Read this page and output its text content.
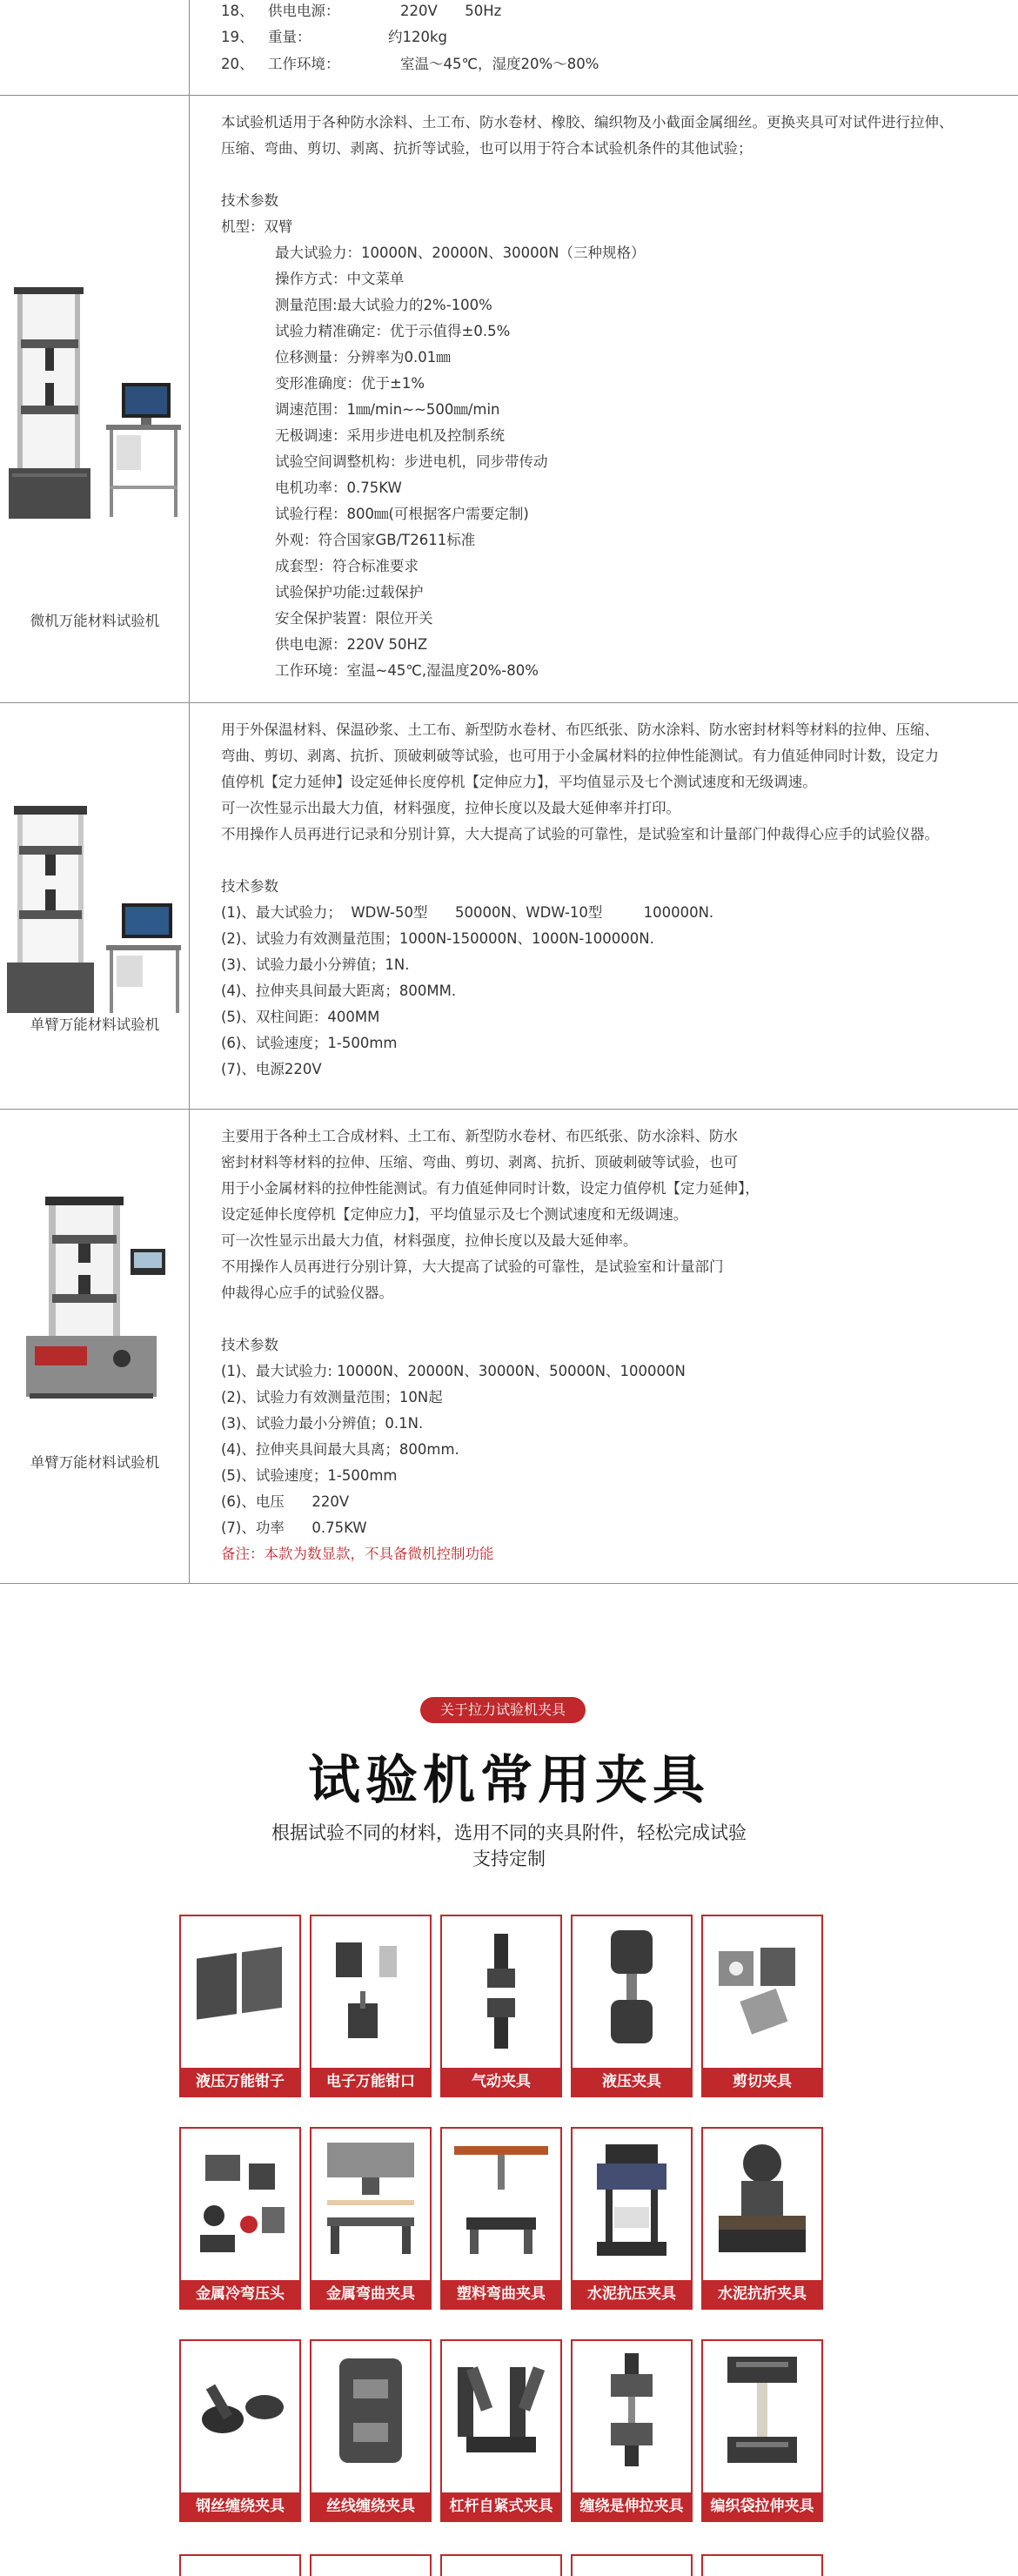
18、 供电电源：	220V      50Hz
19、 重量：	约120kg
20、 工作环境：	室温～45℃，湿度20%～80%
微机万能材料试验机
本试验机适用于各种防水涂料、土工布、防水卷材、橡胶、编织物及小截面金属细丝。更换夹具可对试件进行拉伸、
压缩、弯曲、剪切、剥离、抗折等试验，也可以用于符合本试验机条件的其他试验；
技术参数
机型：双臂
最大试验力：10000N、20000N、30000N（三种规格）
操作方式：中文菜单
测量范围:最大试验力的2%-100%
试验力精准确定：优于示值得±0.5%
位移测量：分辨率为0.01㎜
变形准确度：优于±1%
调速范围：1㎜/min~~500㎜/min
无极调速：采用步进电机及控制系统
试验空间调整机构：步进电机，同步带传动
电机功率：0.75KW
试验行程：800㎜(可根据客户需要定制)
外观：符合国家GB/T2611标准
成套型：符合标准要求
试验保护功能:过载保护
安全保护装置：限位开关
供电电源：220V 50HZ
工作环境：室温~45℃,湿温度20%-80%
单臂万能材料试验机
用于外保温材料、保温砂浆、土工布、新型防水卷材、布匹纸张、防水涂料、防水密封材料等材料的拉伸、压缩、
弯曲、剪切、剥离、抗折、顶破刺破等试验，也可用于小金属材料的拉伸性能测试。有力值延伸同时计数，设定力
值停机【定力延伸】设定延伸长度停机【定伸应力】，平均值显示及七个测试速度和无级调速。
可一次性显示出最大力值，材料强度，拉伸长度以及最大延伸率并打印。
不用操作人员再进行记录和分别计算，大大提高了试验的可靠性，是试验室和计量部门仲裁得心应手的试验仪器。
技术参数
(1)、最大试验力；  WDW-50型      50000N、WDW-10型         100000N.
(2)、试验力有效测量范围；1000N-150000N、1000N-100000N.
(3)、试验力最小分辨值；1N.
(4)、拉伸夹具间最大距离；800MM.
(5)、双柱间距：400MM
(6)、试验速度；1-500mm
(7)、电源220V
单臂万能材料试验机
主要用于各种土工合成材料、土工布、新型防水卷材、布匹纸张、防水涂料、防水
密封材料等材料的拉伸、压缩、弯曲、剪切、剥离、抗折、顶破刺破等试验，也可
用于小金属材料的拉伸性能测试。有力值延伸同时计数，设定力值停机【定力延伸】，
设定延伸长度停机【定伸应力】，平均值显示及七个测试速度和无级调速。
可一次性显示出最大力值，材料强度，拉伸长度以及最大延伸率。
不用操作人员再进行分别计算，大大提高了试验的可靠性，是试验室和计量部门
仲裁得心应手的试验仪器。
技术参数
(1)、最大试验力: 10000N、20000N、30000N、50000N、100000N
(2)、试验力有效测量范围；10N起
(3)、试验力最小分辨值；0.1N.
(4)、拉伸夹具间最大具离；800mm.
(5)、试验速度；1-500mm
(6)、电压      220V
(7)、功率      0.75KW
备注：本款为数显款，不具备微机控制功能
关于拉力试验机夹具
试验机常用夹具
根据试验不同的材料，选用不同的夹具附件，轻松完成试验
支持定制
液压万能钳子	电子万能钳口	气动夹具	液压夹具	剪切夹具
金属冷弯压头	金属弯曲夹具	塑料弯曲夹具	水泥抗压夹具	水泥抗折夹具
钢丝缠绕夹具	丝线缠绕夹具	杠杆自紧式夹具	缠绕是伸拉夹具	编织袋拉伸夹具
